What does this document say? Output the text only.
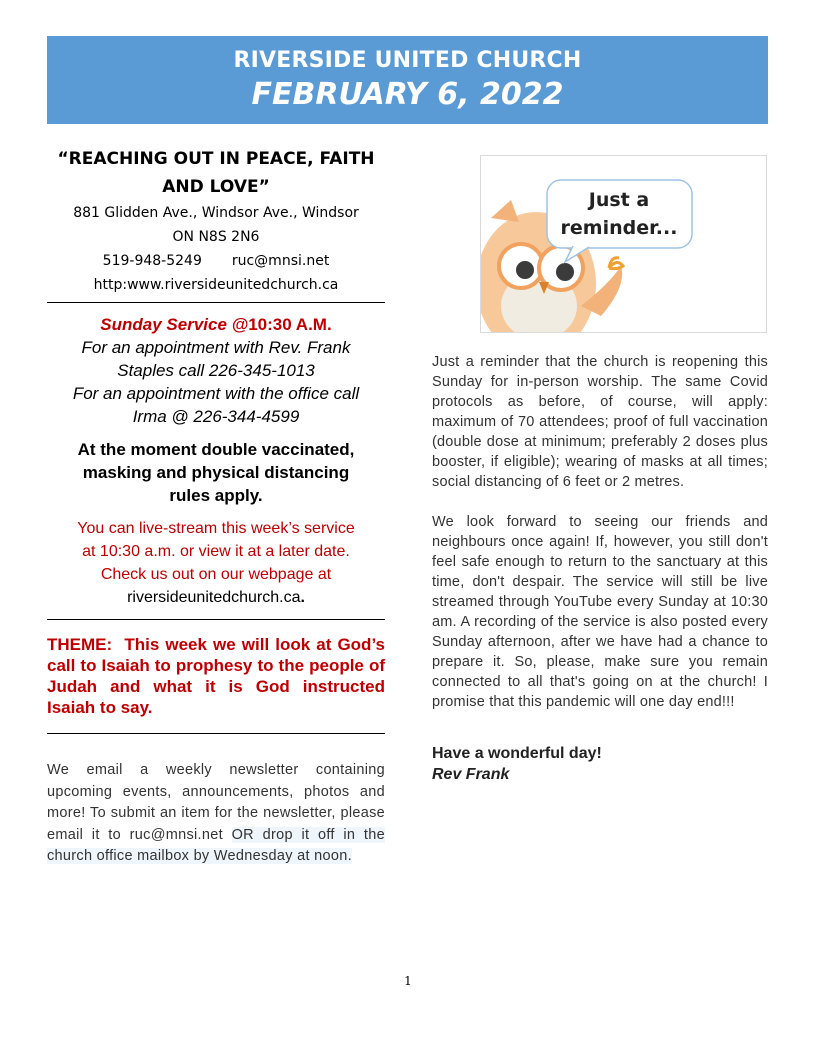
RIVERSIDE UNITED CHURCH
FEBRUARY 6, 2022
“REACHING OUT IN PEACE, FAITH
AND LOVE”
881 Glidden Ave., Windsor Ave., Windsor
ON N8S 2N6
519-948-5249 ruc@mnsi.net
http:www.riversideunitedchurch.ca
Sunday Service @10:30 A.M.
For an appointment with Rev. Frank
Staples call 226-345-1013
For an appointment with the office call
Irma @ 226-344-4599
At the moment double vaccinated,
masking and physical distancing
rules apply.
You can live-stream this week’s service
at 10:30 a.m. or view it at a later date.
Check us out on our webpage at
riversideunitedchurch.ca.
THEME: This week we will look at God’s call to Isaiah to prophesy to the people of Judah and what it is God instructed Isaiah to say.
We email a weekly newsletter containing upcoming events, announcements, photos and more! To submit an item for the newsletter, please email it to ruc@mnsi.net OR drop it off in the church office mailbox by Wednesday at noon.
Just a
reminder...

Just a reminder that the church is reopening this Sunday for in-person worship. The same Covid protocols as before, of course, will apply: maximum of 70 attendees; proof of full vaccination (double dose at minimum; preferably 2 doses plus booster, if eligible); wearing of masks at all times; social distancing of 6 feet or 2 metres.

We look forward to seeing our friends and neighbours once again! If, however, you still don't feel safe enough to return to the sanctuary at this time, don't despair. The service will still be live streamed through YouTube every Sunday at 10:30 am. A recording of the service is also posted every Sunday afternoon, after we have had a chance to prepare it. So, please, make sure you remain connected to all that's going on at the church! I promise that this pandemic will one day end!!!

Have a wonderful day!
Rev Frank
1
